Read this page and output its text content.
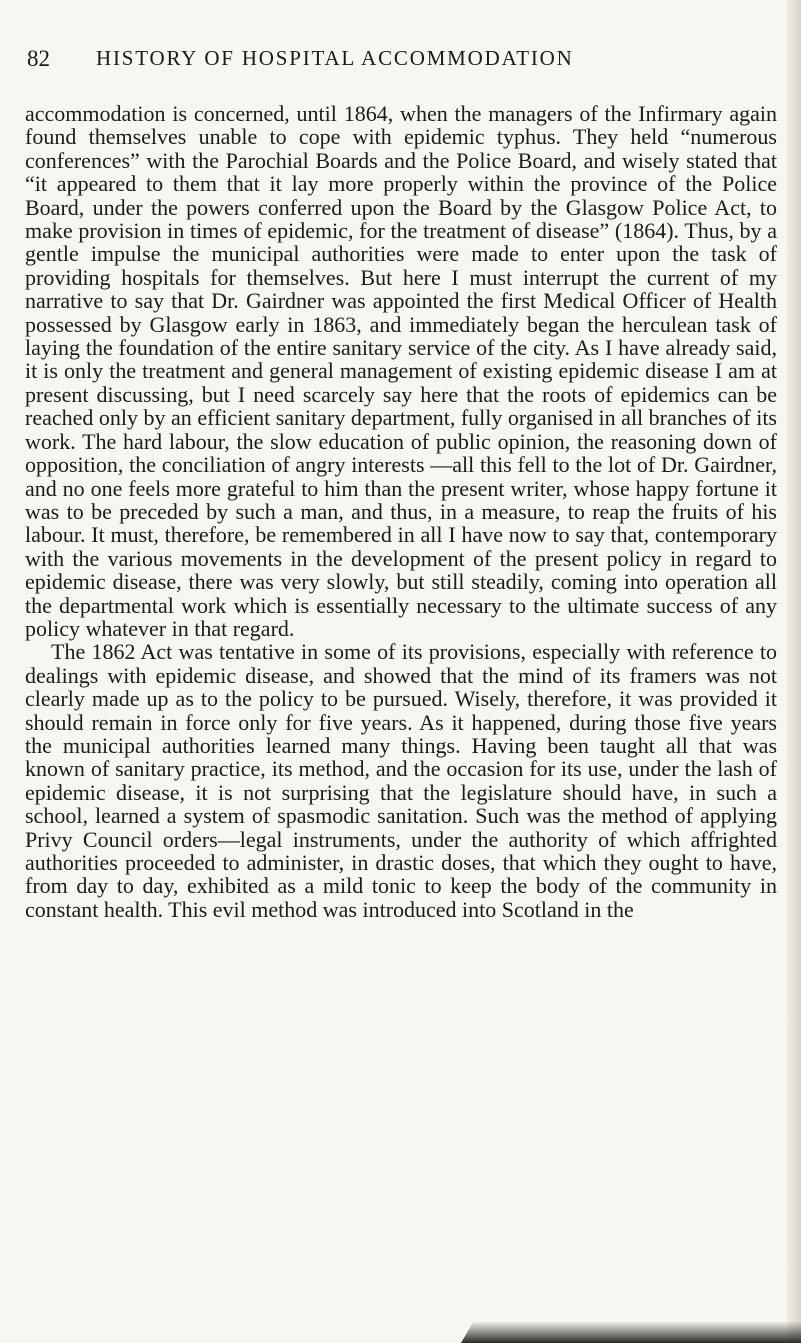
82 HISTORY OF HOSPITAL ACCOMMODATION

accommodation is concerned, until 1864, when the managers of the Infirmary again found themselves unable to cope with epidemic typhus. They held “numerous conferences” with the Parochial Boards and the Police Board, and wisely stated that “it appeared to them that it lay more properly within the province of the Police Board, under the powers conferred upon the Board by the Glasgow Police Act, to make provision in times of epidemic, for the treatment of disease” (1864). Thus, by a gentle impulse the municipal authorities were made to enter upon the task of providing hospitals for themselves. But here I must interrupt the current of my narrative to say that Dr. Gairdner was appointed the first Medical Officer of Health possessed by Glasgow early in 1863, and immediately began the herculean task of laying the foundation of the entire sanitary service of the city. As I have already said, it is only the treatment and general management of existing epidemic disease I am at present discussing, but I need scarcely say here that the roots of epidemics can be reached only by an efficient sanitary department, fully organised in all branches of its work. The hard labour, the slow education of public opinion, the reasoning down of opposition, the conciliation of angry interests —all this fell to the lot of Dr. Gairdner, and no one feels more grateful to him than the present writer, whose happy fortune it was to be preceded by such a man, and thus, in a measure, to reap the fruits of his labour. It must, therefore, be remembered in all I have now to say that, contemporary with the various movements in the development of the present policy in regard to epidemic disease, there was very slowly, but still steadily, coming into operation all the departmental work which is essentially necessary to the ultimate success of any policy whatever in that regard.

The 1862 Act was tentative in some of its provisions, especially with reference to dealings with epidemic disease, and showed that the mind of its framers was not clearly made up as to the policy to be pursued. Wisely, therefore, it was provided it should remain in force only for five years. As it happened, during those five years the municipal authorities learned many things. Having been taught all that was known of sanitary practice, its method, and the occasion for its use, under the lash of epidemic disease, it is not surprising that the legislature should have, in such a school, learned a system of spasmodic sanitation. Such was the method of applying Privy Council orders—legal instruments, under the authority of which affrighted authorities proceeded to administer, in drastic doses, that which they ought to have, from day to day, exhibited as a mild tonic to keep the body of the community in constant health. This evil method was introduced into Scotland in the
